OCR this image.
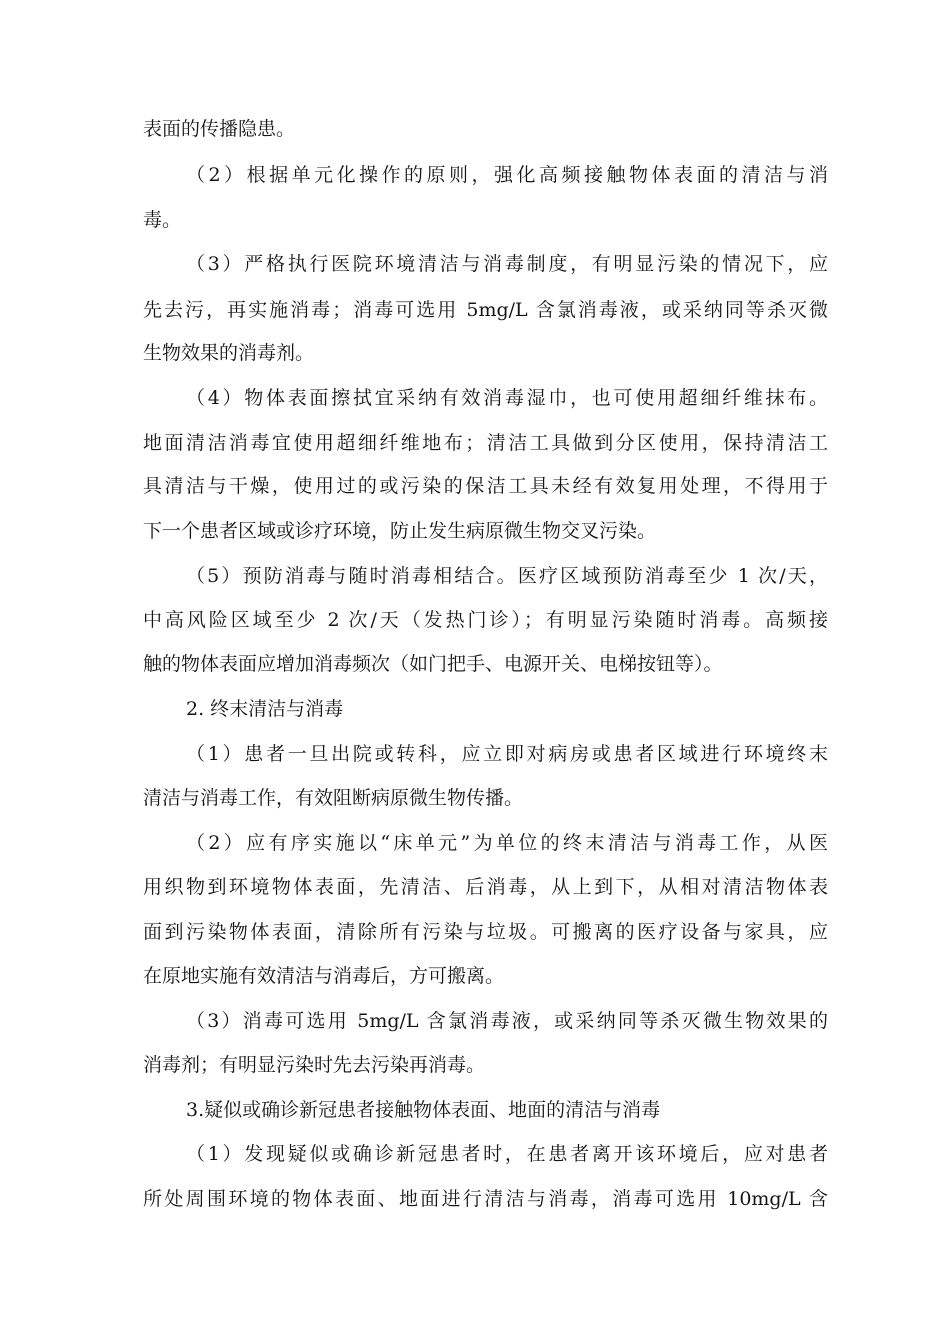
表面的传播隐患。
（2）根据单元化操作的原则，强化高频接触物体表面的清洁与消
毒。
（3）严格执行医院环境清洁与消毒制度，有明显污染的情况下，应
先去污，再实施消毒；消毒可选用 5mg/L 含氯消毒液，或采纳同等杀灭微
生物效果的消毒剂。
（4）物体表面擦拭宜采纳有效消毒湿巾，也可使用超细纤维抹布。
地面清洁消毒宜使用超细纤维地布；清洁工具做到分区使用，保持清洁工
具清洁与干燥，使用过的或污染的保洁工具未经有效复用处理，不得用于
下一个患者区域或诊疗环境，防止发生病原微生物交叉污染。
（5）预防消毒与随时消毒相结合。医疗区域预防消毒至少 1 次/天，
中高风险区域至少 2 次/天（发热门诊）；有明显污染随时消毒。高频接
触的物体表面应增加消毒频次（如门把手、电源开关、电梯按钮等）。
2. 终末清洁与消毒
（1）患者一旦出院或转科，应立即对病房或患者区域进行环境终末
清洁与消毒工作，有效阻断病原微生物传播。
（2）应有序实施以“床单元”为单位的终末清洁与消毒工作，从医
用织物到环境物体表面，先清洁、后消毒，从上到下，从相对清洁物体表
面到污染物体表面，清除所有污染与垃圾。可搬离的医疗设备与家具，应
在原地实施有效清洁与消毒后，方可搬离。
（3）消毒可选用 5mg/L 含氯消毒液，或采纳同等杀灭微生物效果的
消毒剂；有明显污染时先去污染再消毒。
3.疑似或确诊新冠患者接触物体表面、地面的清洁与消毒
（1）发现疑似或确诊新冠患者时，在患者离开该环境后，应对患者
所处周围环境的物体表面、地面进行清洁与消毒，消毒可选用 10mg/L 含
